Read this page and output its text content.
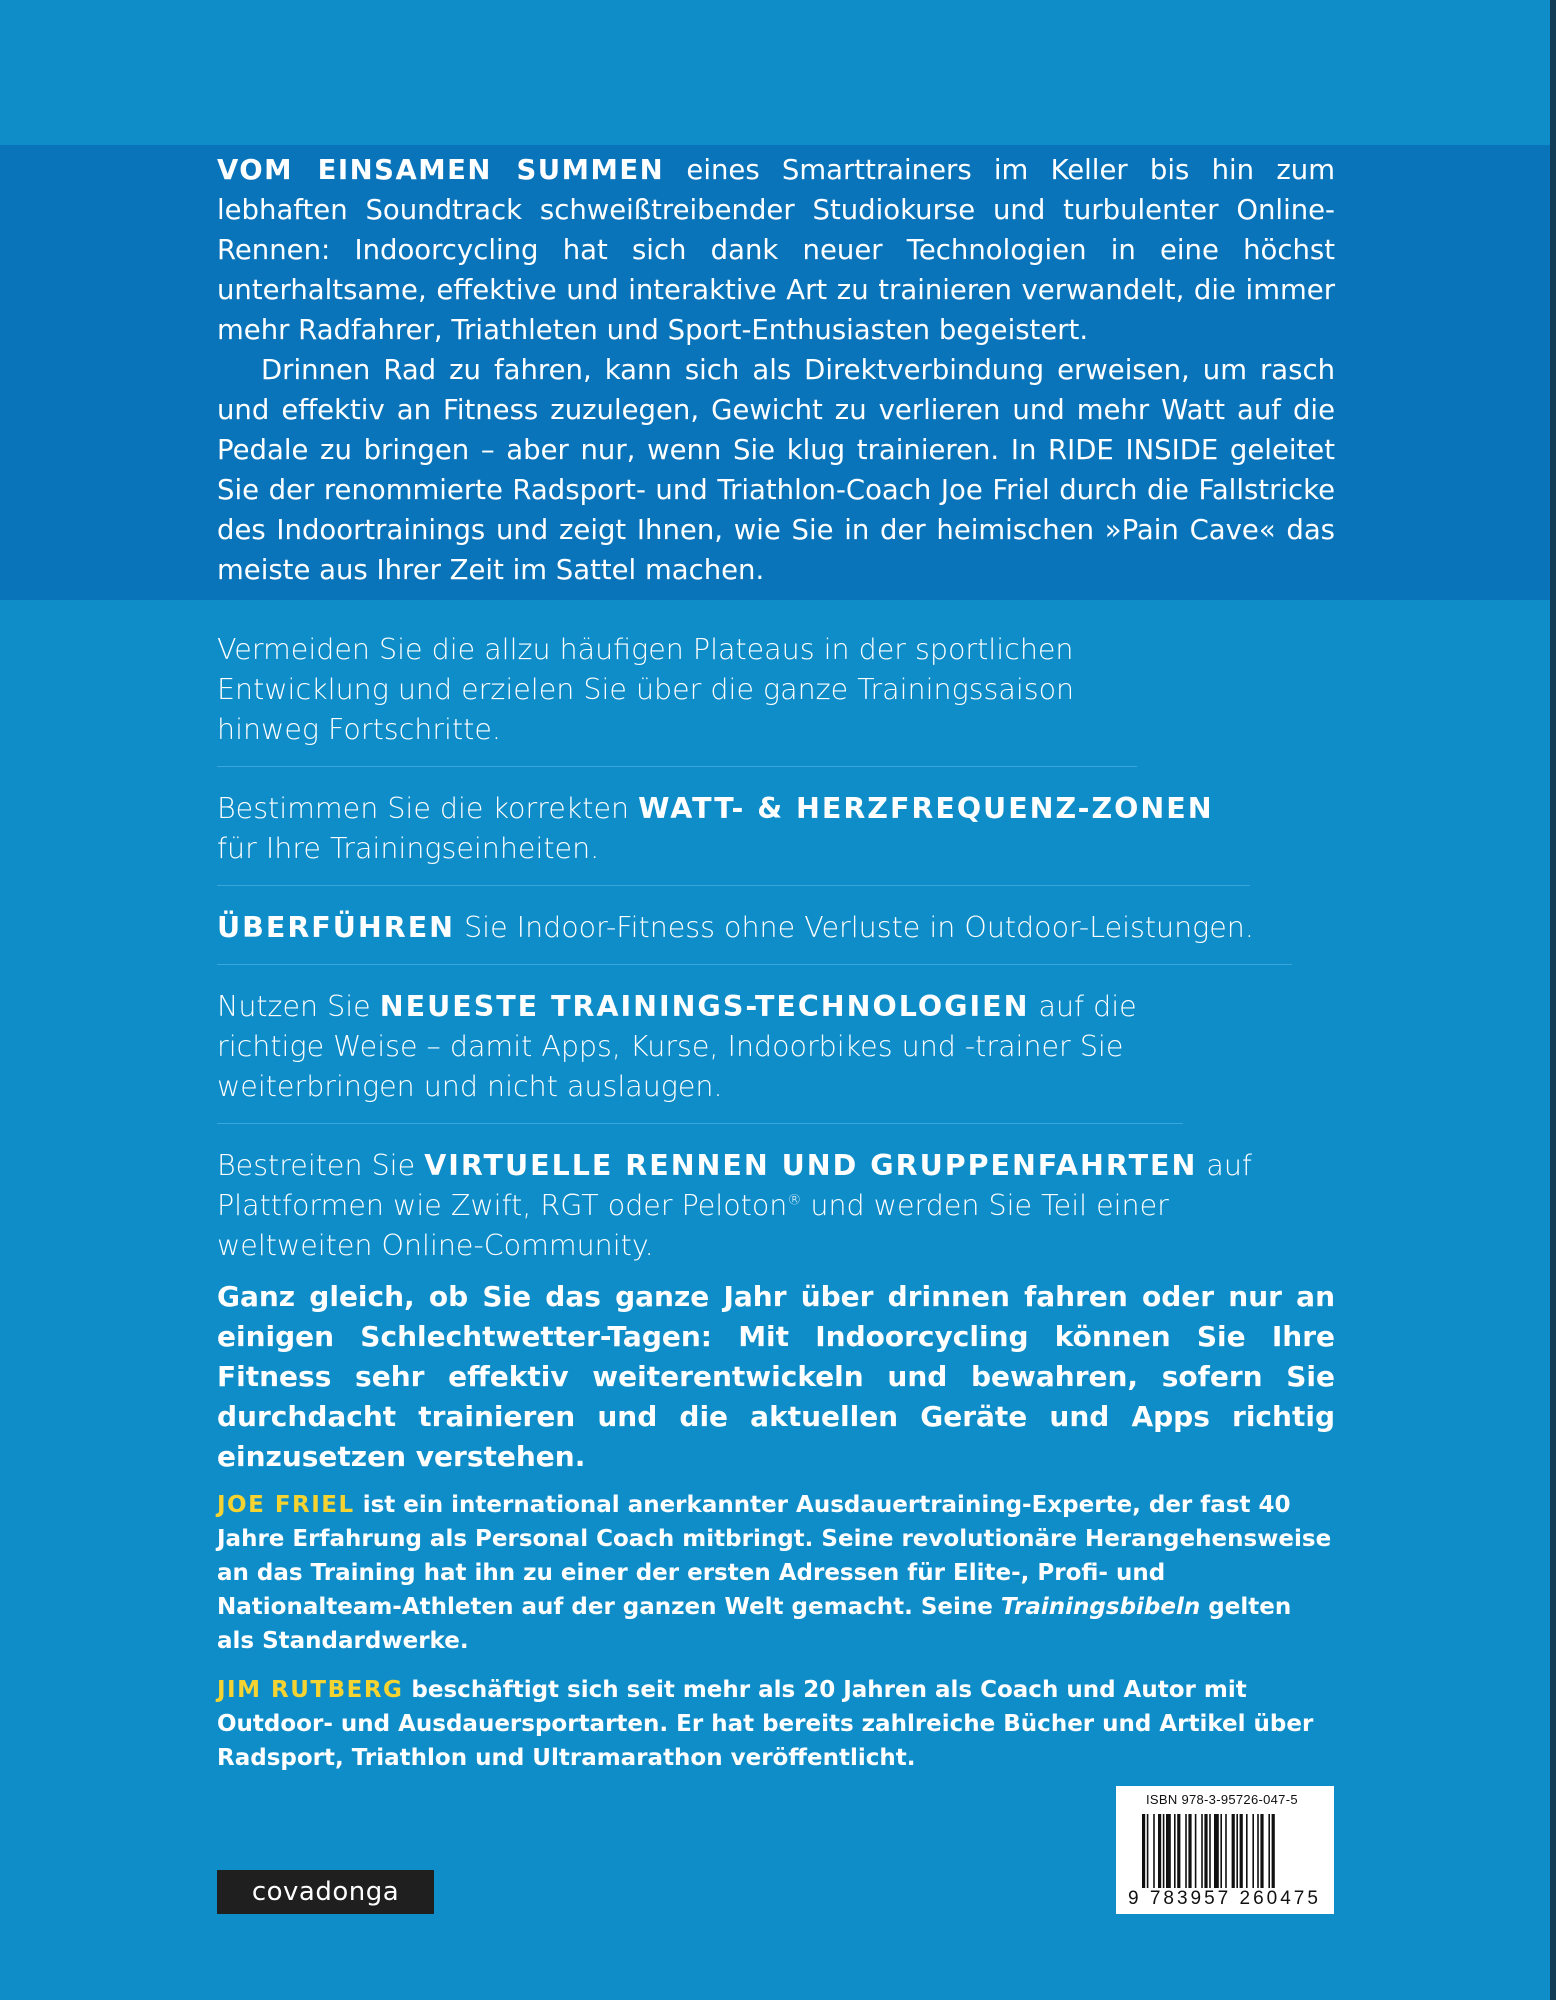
VOM EINSAMEN SUMMEN eines Smarttrainers im Keller bis hin zum lebhaften Soundtrack schweißtreibender Studiokurse und turbulenter Online-Rennen: Indoorcycling hat sich dank neuer Technologien in eine höchst unterhaltsame, effektive und interaktive Art zu trainieren verwandelt, die immer mehr Radfahrer, Triathleten und Sport-Enthusiasten begeistert.

Drinnen Rad zu fahren, kann sich als Direktverbindung erweisen, um rasch und effektiv an Fitness zuzulegen, Gewicht zu verlieren und mehr Watt auf die Pedale zu bringen – aber nur, wenn Sie klug trainieren. In RIDE INSIDE geleitet Sie der renommierte Radsport- und Triathlon-Coach Joe Friel durch die Fallstricke des Indoortrainings und zeigt Ihnen, wie Sie in der heimischen »Pain Cave« das meiste aus Ihrer Zeit im Sattel machen.

Vermeiden Sie die allzu häufigen Plateaus in der sportlichen Entwicklung und erzielen Sie über die ganze Trainingssaison hinweg Fortschritte.
Bestimmen Sie die korrekten WATT- & HERZFREQUENZ-ZONEN für Ihre Trainingseinheiten.
ÜBERFÜHREN Sie Indoor-Fitness ohne Verluste in Outdoor-Leistungen.
Nutzen Sie NEUESTE TRAININGS-TECHNOLOGIEN auf die richtige Weise – damit Apps, Kurse, Indoorbikes und -trainer Sie weiterbringen und nicht auslaugen.
Bestreiten Sie VIRTUELLE RENNEN UND GRUPPENFAHRTEN auf Plattformen wie Zwift, RGT oder Peloton® und werden Sie Teil einer weltweiten Online-Community.
Ganz gleich, ob Sie das ganze Jahr über drinnen fahren oder nur an einigen Schlechtwetter-Tagen: Mit Indoorcycling können Sie Ihre Fitness sehr effektiv weiterentwickeln und bewahren, sofern Sie durchdacht trainieren und die aktuellen Geräte und Apps richtig einzusetzen verstehen.

JOE FRIEL ist ein international anerkannter Ausdauertraining-Experte, der fast 40 Jahre Erfahrung als Personal Coach mitbringt. Seine revolutionäre Herangehensweise an das Training hat ihn zu einer der ersten Adressen für Elite-, Profi- und Nationalteam-Athleten auf der ganzen Welt gemacht. Seine Trainingsbibeln gelten als Standardwerke.

JIM RUTBERG beschäftigt sich seit mehr als 20 Jahren als Coach und Autor mit Outdoor- und Ausdauersportarten. Er hat bereits zahlreiche Bücher und Artikel über Radsport, Triathlon und Ultramarathon veröffentlicht.

covadonga
ISBN 978-3-95726-047-5
9 783957 260475
